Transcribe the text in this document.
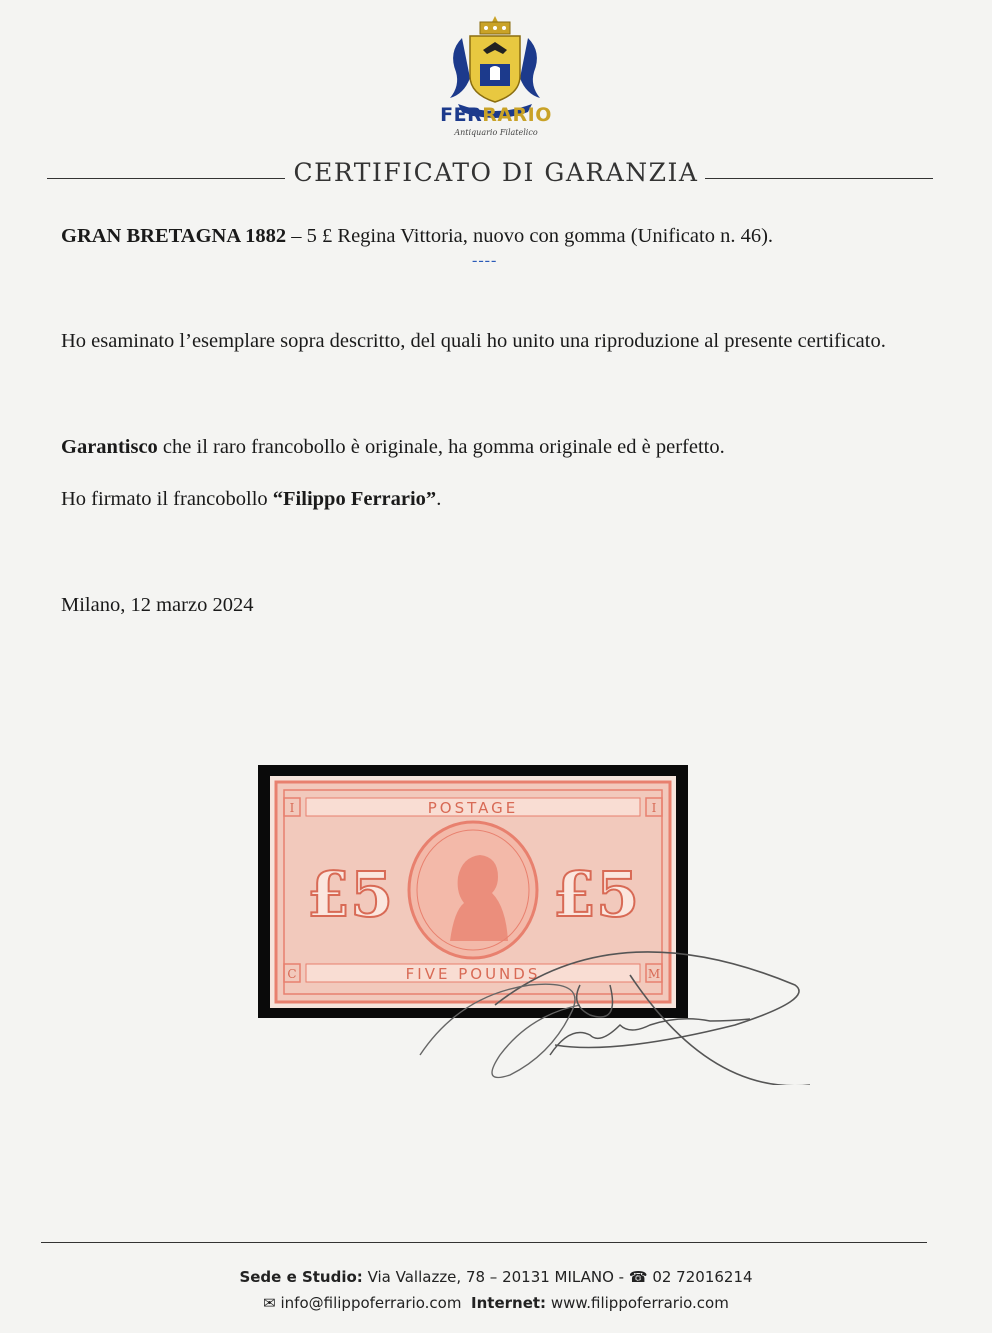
FERRARIO
Antiquario Filatelico
CERTIFICATO DI GARANZIA
GRAN BRETAGNA 1882 – 5 £ Regina Vittoria, nuovo con gomma (Unificato n. 46).
----
Ho esaminato l’esemplare sopra descritto, del quali ho unito una riproduzione al presente certificato.
Garantisco che il raro francobollo è originale, ha gomma originale ed è perfetto.
Ho firmato il francobollo “Filippo Ferrario”.
Milano, 12 marzo 2024
I	I
C	M
POSTAGE
FIVE POUNDS
£5	£5
Sede e Studio: Via Vallazze, 78 – 20131 MILANO - ☎ 02 72016214
✉ info@filippoferrario.com Internet: www.filippoferrario.com
